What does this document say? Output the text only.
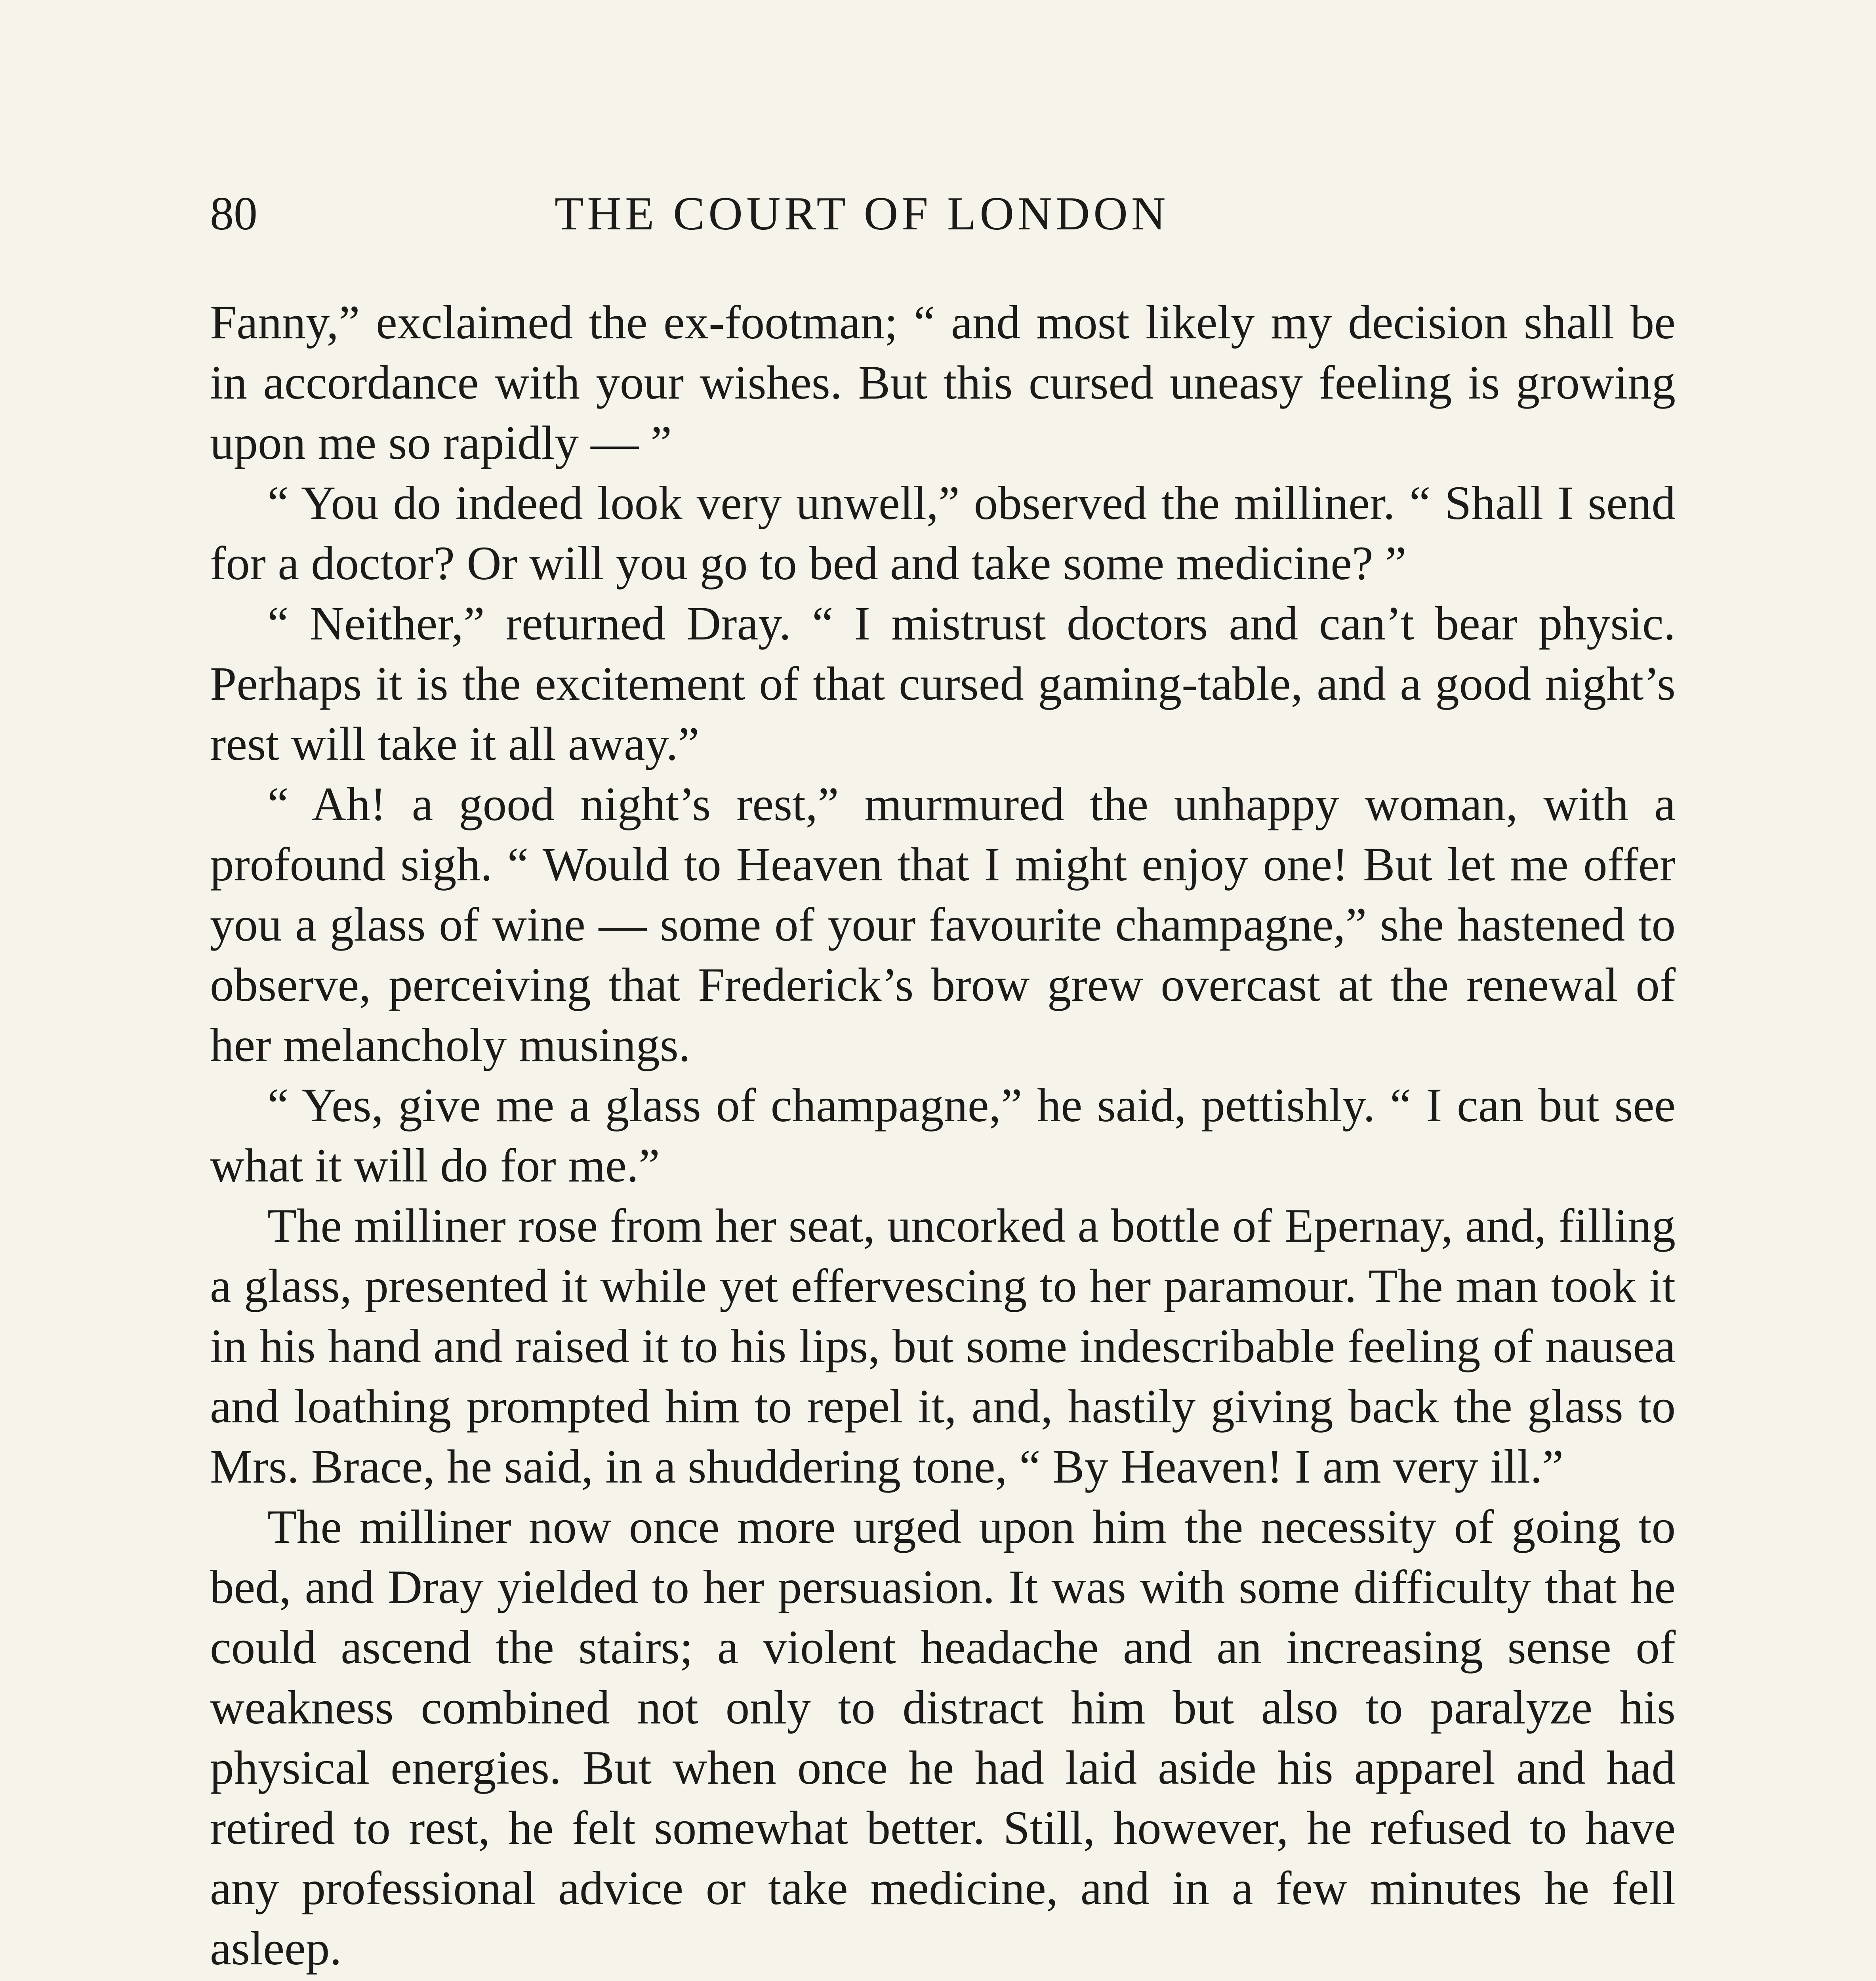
80	THE COURT OF LONDON

Fanny,” exclaimed the ex-footman; “ and most likely my decision shall be in accordance with your wishes. But this cursed uneasy feeling is growing upon me so rapidly — ”

“ You do indeed look very unwell,” observed the milliner. “ Shall I send for a doctor? Or will you go to bed and take some medicine? ”

“ Neither,” returned Dray. “ I mistrust doctors and can’t bear physic. Perhaps it is the excitement of that cursed gaming-table, and a good night’s rest will take it all away.”

“ Ah! a good night’s rest,” murmured the unhappy woman, with a profound sigh. “ Would to Heaven that I might enjoy one! But let me offer you a glass of wine — some of your favourite champagne,” she hastened to observe, perceiving that Frederick’s brow grew overcast at the renewal of her melancholy musings.

“ Yes, give me a glass of champagne,” he said, pettishly. “ I can but see what it will do for me.”

The milliner rose from her seat, uncorked a bottle of Epernay, and, filling a glass, presented it while yet effervescing to her paramour. The man took it in his hand and raised it to his lips, but some indescribable feeling of nausea and loathing prompted him to repel it, and, hastily giving back the glass to Mrs. Brace, he said, in a shuddering tone, “ By Heaven! I am very ill.”

The milliner now once more urged upon him the necessity of going to bed, and Dray yielded to her persuasion. It was with some difficulty that he could ascend the stairs; a violent headache and an increasing sense of weakness combined not only to distract him but also to paralyze his physical energies. But when once he had laid aside his apparel and had retired to rest, he felt somewhat better. Still, however, he refused to have any professional advice or take medicine, and in a few minutes he fell asleep.
